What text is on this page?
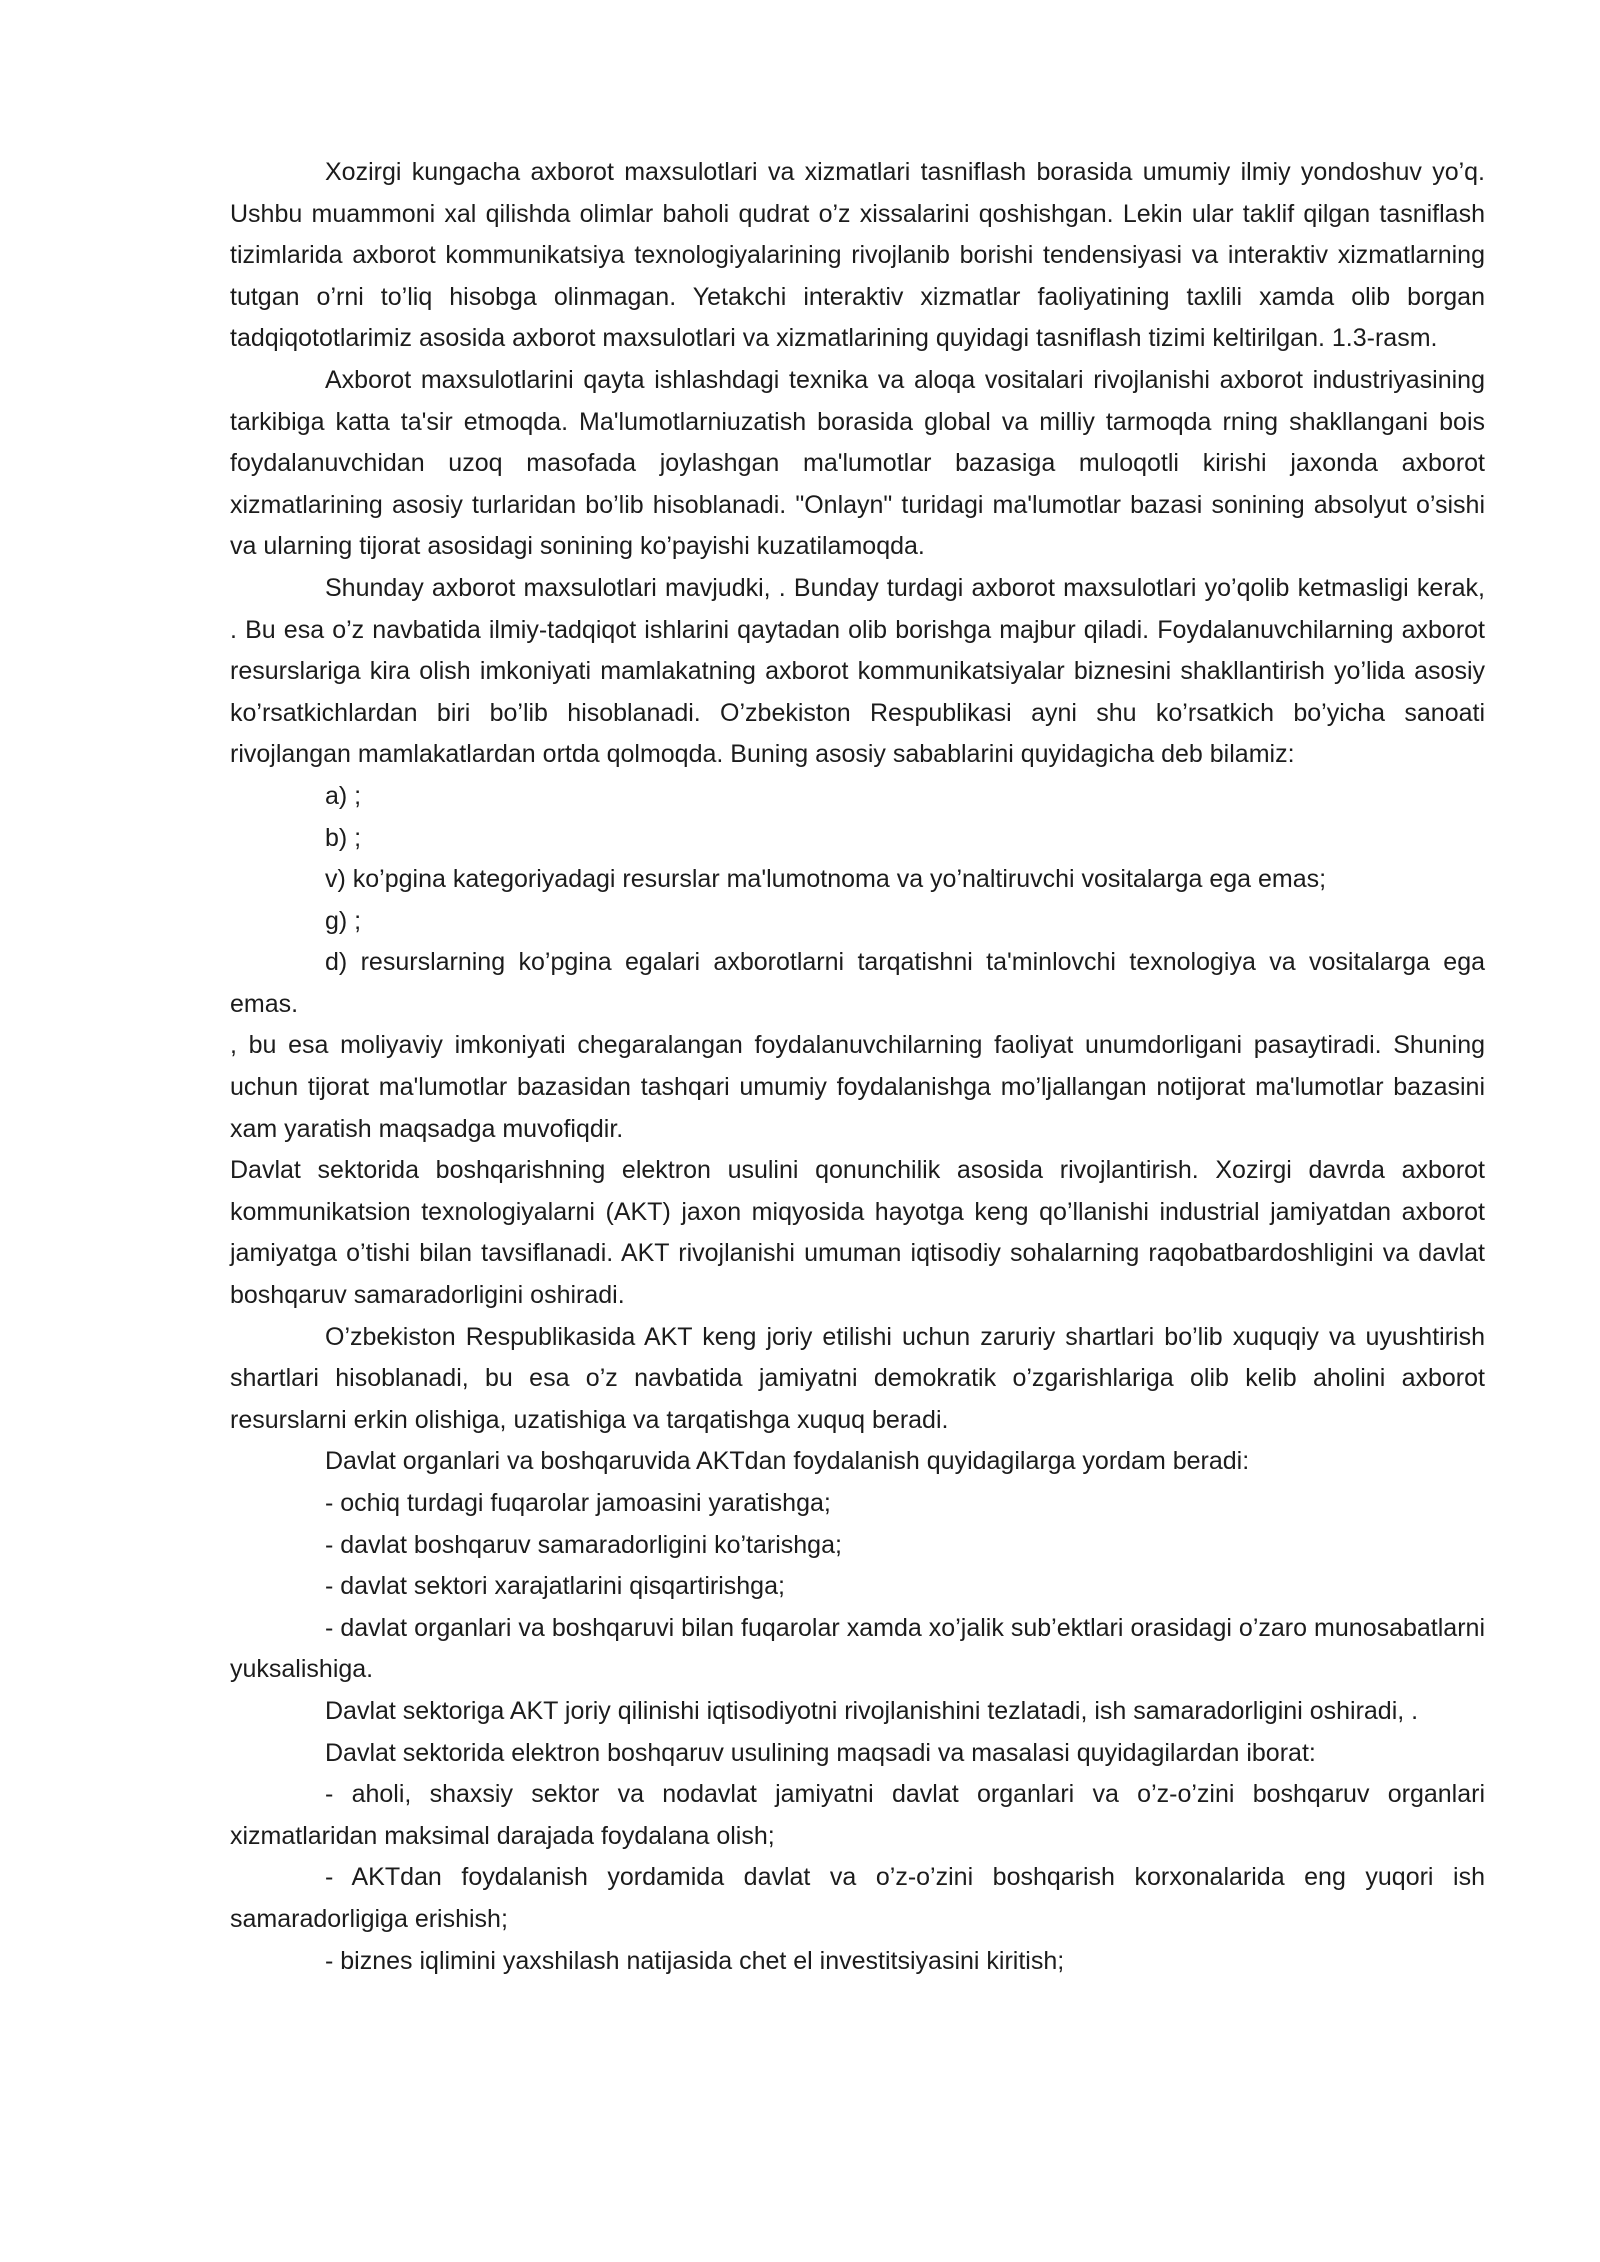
Xozirgi kungacha axborot maxsulotlari va xizmatlari tasniflash borasida umumiy ilmiy yondoshuv yo’q. Ushbu muammoni xal qilishda olimlar baholi qudrat o’z xissalarini qoshishgan. Lekin ular taklif qilgan tasniflash tizimlarida axborot kommunikatsiya texnologiyalarining rivojlanib borishi tendensiyasi va interaktiv xizmatlarning tutgan o’rni to’liq hisobga olinmagan. Yetakchi interaktiv xizmatlar faoliyatining taxlili xamda olib borgan tadqiqototlarimiz asosida axborot maxsulotlari va xizmatlarining quyidagi tasniflash tizimi keltirilgan. 1.3-rasm.

Axborot maxsulotlarini qayta ishlashdagi texnika va aloqa vositalari rivojlanishi axborot industriyasining tarkibiga katta ta'sir etmoqda. Ma'lumotlarniuzatish borasida global va milliy tarmoqda rning shakllangani bois foydalanuvchidan uzoq masofada joylashgan ma'lumotlar bazasiga muloqotli kirishi jaxonda axborot xizmatlarining asosiy turlaridan bo’lib hisoblanadi. "Onlayn" turidagi ma'lumotlar bazasi sonining absolyut o’sishi va ularning tijorat asosidagi sonining ko’payishi kuzatilamoqda.

Shunday axborot maxsulotlari mavjudki, . Bunday turdagi axborot maxsulotlari yo’qolib ketmasligi kerak, . Bu esa o’z navbatida ilmiy-tadqiqot ishlarini qaytadan olib borishga majbur qiladi. Foydalanuvchilarning axborot resurslariga kira olish imkoniyati mamlakatning axborot kommunikatsiyalar biznesini shakllantirish yo’lida asosiy ko’rsatkichlardan biri bo’lib hisoblanadi. O’zbekiston Respublikasi ayni shu ko’rsatkich bo’yicha sanoati rivojlangan mamlakatlardan ortda qolmoqda. Buning asosiy sabablarini quyidagicha deb bilamiz:

a) ;

b) ;

v) ko’pgina kategoriyadagi resurslar ma'lumotnoma va yo’naltiruvchi vositalarga ega emas;

g) ;

d) resurslarning ko’pgina egalari axborotlarni tarqatishni ta'minlovchi texnologiya va vositalarga ega emas.

, bu esa moliyaviy imkoniyati chegaralangan foydalanuvchilarning faoliyat unumdorligani pasaytiradi. Shuning uchun tijorat ma'lumotlar bazasidan tashqari umumiy foydalanishga mo’ljallangan notijorat ma'lumotlar bazasini xam yaratish maqsadga muvofiqdir.

Davlat sektorida boshqarishning elektron usulini qonunchilik asosida rivojlantirish. Xozirgi davrda axborot kommunikatsion texnologiyalarni (AKT) jaxon miqyosida hayotga keng qo’llanishi industrial jamiyatdan axborot jamiyatga o’tishi bilan tavsiflanadi. AKT rivojlanishi umuman iqtisodiy sohalarning raqobatbardoshligini va davlat boshqaruv samaradorligini oshiradi.

O’zbekiston Respublikasida AKT keng joriy etilishi uchun zaruriy shartlari bo’lib xuquqiy va uyushtirish shartlari hisoblanadi, bu esa o’z navbatida jamiyatni demokratik o’zgarishlariga olib kelib aholini axborot resurslarni erkin olishiga, uzatishiga va tarqatishga xuquq beradi.

Davlat organlari va boshqaruvida AKTdan foydalanish quyidagilarga yordam beradi:

- ochiq turdagi fuqarolar jamoasini yaratishga;

- davlat boshqaruv samaradorligini ko’tarishga;

- davlat sektori xarajatlarini qisqartirishga;

- davlat organlari va boshqaruvi bilan fuqarolar xamda xo’jalik sub’ektlari orasidagi o’zaro munosabatlarni yuksalishiga.

Davlat sektoriga AKT joriy qilinishi iqtisodiyotni rivojlanishini tezlatadi, ish samaradorligini oshiradi, .

Davlat sektorida elektron boshqaruv usulining maqsadi va masalasi quyidagilardan iborat:

- aholi, shaxsiy sektor va nodavlat jamiyatni davlat organlari va o’z-o’zini boshqaruv organlari xizmatlaridan maksimal darajada foydalana olish;

- AKTdan foydalanish yordamida davlat va o’z-o’zini boshqarish korxonalarida eng yuqori ish samaradorligiga erishish;

- biznes iqlimini yaxshilash natijasida chet el investitsiyasini kiritish;
